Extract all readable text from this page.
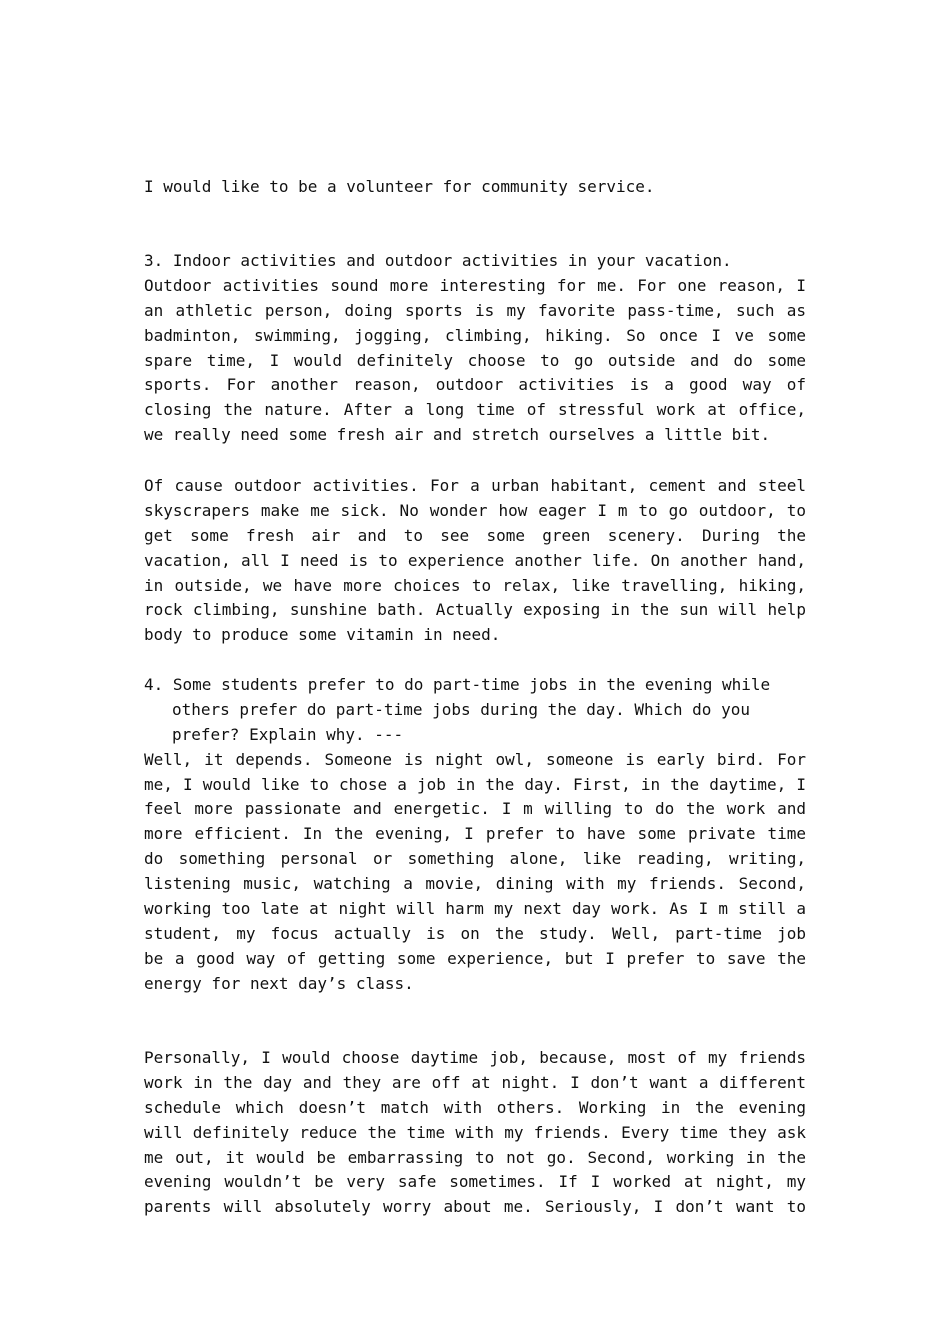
I would like to be a volunteer for community service.
3. Indoor activities and outdoor activities in your vacation.
Outdoor activities sound more interesting for me. For one reason, I
an athletic person, doing sports is my favorite pass-time, such as
badminton, swimming, jogging, climbing, hiking. So once I ve some
spare time, I would definitely choose to go outside and do some
sports. For another reason, outdoor activities is a good way of
closing the nature. After a long time of stressful work at office,
we really need some fresh air and stretch ourselves a little bit.
Of cause outdoor activities. For a urban habitant, cement and steel
skyscrapers make me sick. No wonder how eager I m to go outdoor, to
get some fresh air and to see some green scenery. During the
vacation, all I need is to experience another life. On another hand,
in outside, we have more choices to relax, like travelling, hiking,
rock climbing, sunshine bath. Actually exposing in the sun will help
body to produce some vitamin in need.
4. Some students prefer to do part-time jobs in the evening while
others prefer do part-time jobs during the day. Which do you
prefer? Explain why. ---
Well, it depends. Someone is night owl, someone is early bird. For
me, I would like to chose a job in the day. First, in the daytime, I
feel more passionate and energetic. I m willing to do the work and
more efficient. In the evening, I prefer to have some private time
do something personal or something alone, like reading, writing,
listening music, watching a movie, dining with my friends. Second,
working too late at night will harm my next day work. As I m still a
student, my focus actually is on the study. Well, part-time job
be a good way of getting some experience, but I prefer to save the
energy for next day’s class.
Personally, I would choose daytime job, because, most of my friends
work in the day and they are off at night. I don’t want a different
schedule which doesn’t match with others. Working in the evening
will definitely reduce the time with my friends. Every time they ask
me out, it would be embarrassing to not go. Second, working in the
evening wouldn’t be very safe sometimes. If I worked at night, my
parents will absolutely worry about me. Seriously, I don’t want to
